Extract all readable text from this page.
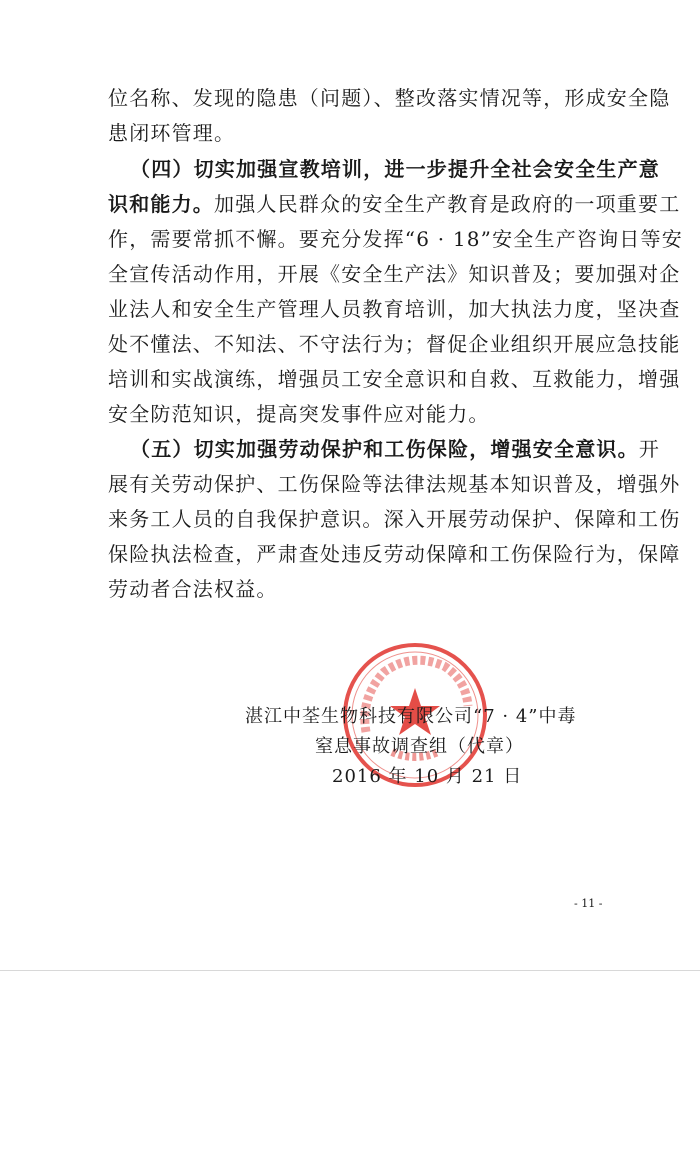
位名称、发现的隐患（问题）、整改落实情况等，形成安全隐
患闭环管理。
（四）切实加强宣教培训，进一步提升全社会安全生产意
识和能力。加强人民群众的安全生产教育是政府的一项重要工
作，需要常抓不懈。要充分发挥“6 · 18”安全生产咨询日等安
全宣传活动作用，开展《安全生产法》知识普及；要加强对企
业法人和安全生产管理人员教育培训，加大执法力度，坚决查
处不懂法、不知法、不守法行为；督促企业组织开展应急技能
培训和实战演练，增强员工安全意识和自救、互救能力，增强
安全防范知识，提高突发事件应对能力。
（五）切实加强劳动保护和工伤保险，增强安全意识。开
展有关劳动保护、工伤保险等法律法规基本知识普及，增强外
来务工人员的自我保护意识。深入开展劳动保护、保障和工伤
保险执法检查，严肃查处违反劳动保障和工伤保险行为，保障
劳动者合法权益。
湛江中荃生物科技有限公司“7 · 4”中毒
窒息事故调查组（代章）
2016 年 10 月 21 日
- 11 -
